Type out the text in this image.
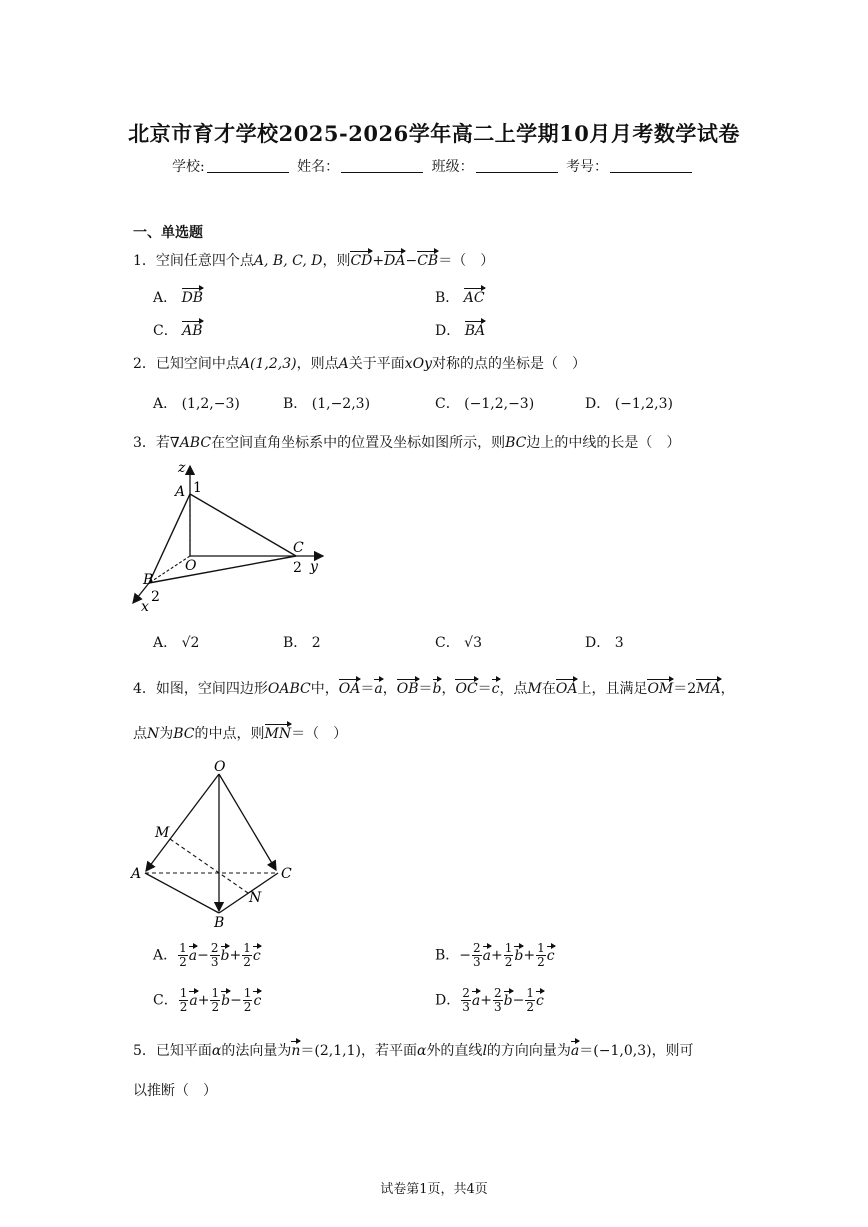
北京市育才学校2025-2026学年高二上学期10月月考数学试卷
学校:	姓名：	班级：	考号：
一、单选题
1．空间任意四个点A, B, C, D，则CD+DA−CB＝（　）
A． DB	B． AC
C． AB	D． BA
2．已知空间中点A(1,2,3)，则点A关于平面xOy对称的点的坐标是（　）
A． (1,2,−3)	B． (1,−2,3)	C． (−1,2,−3)	D． (−1,2,3)
3．若∇ABC在空间直角坐标系中的位置及坐标如图所示，则BC边上的中线的长是（　）
z
A 1
O
C
2 y
B
2
x
A． √2	B． 2	C． √3	D． 3
4．如图，空间四边形OABC中，OA＝a，OB＝b，OC＝c，点M在OA上，且满足OM＝2MA，
点N为BC的中点，则MN＝（　）
O
M
A	C
N
B
A． $\frac{1}{2} a- \frac{2}{3} b+ \frac{1}{2}$ c	B．− $\frac{2}{3} a+ \frac{1}{2} b+ \frac{1}{2}$ c
C． $\frac{1}{2} a+ \frac{1}{2} b- \frac{1}{2}$ c	D． $\frac{2}{3} a+ \frac{2}{3} b- \frac{1}{2}$ c
5．已知平面α的法向量为n＝(2,1,1)，若平面α外的直线l的方向向量为a＝(−1,0,3)，则可
以推断（　）
试卷第1页，共4页
